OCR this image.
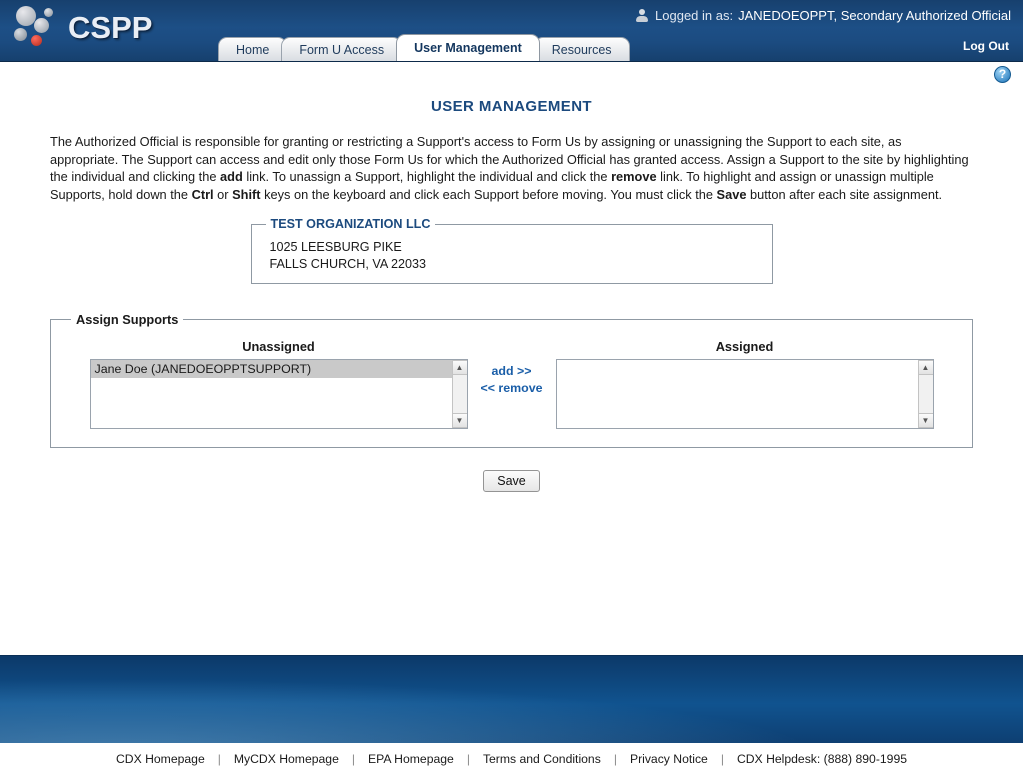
CSPP	Logged in as: JANEDOEOPPT, Secondary Authorized Official
Log Out
Home	Form U Access	User Management	Resources
?
USER MANAGEMENT

The Authorized Official is responsible for granting or restricting a Support's access to Form Us by assigning or unassigning the Support to each site, as appropriate. The Support can access and edit only those Form Us for which the Authorized Official has granted access. Assign a Support to the site by highlighting the individual and clicking the add link. To unassign a Support, highlight the individual and click the remove link. To highlight and assign or unassign multiple Supports, hold down the Ctrl or Shift keys on the keyboard and click each Support before moving. You must click the Save button after each site assignment.

TEST ORGANIZATION LLC
1025 LEESBURG PIKE
FALLS CHURCH, VA 22033
Assign Supports
Unassigned
Jane Doe (JANEDOEOPPTSUPPORT)	▲
▼
add >>
<< remove
Assigned
▲
▼
Save
CDX Homepage	|	MyCDX Homepage	|	EPA Homepage	|	Terms and Conditions	|	Privacy Notice	|	CDX Helpdesk: (888) 890-1995
